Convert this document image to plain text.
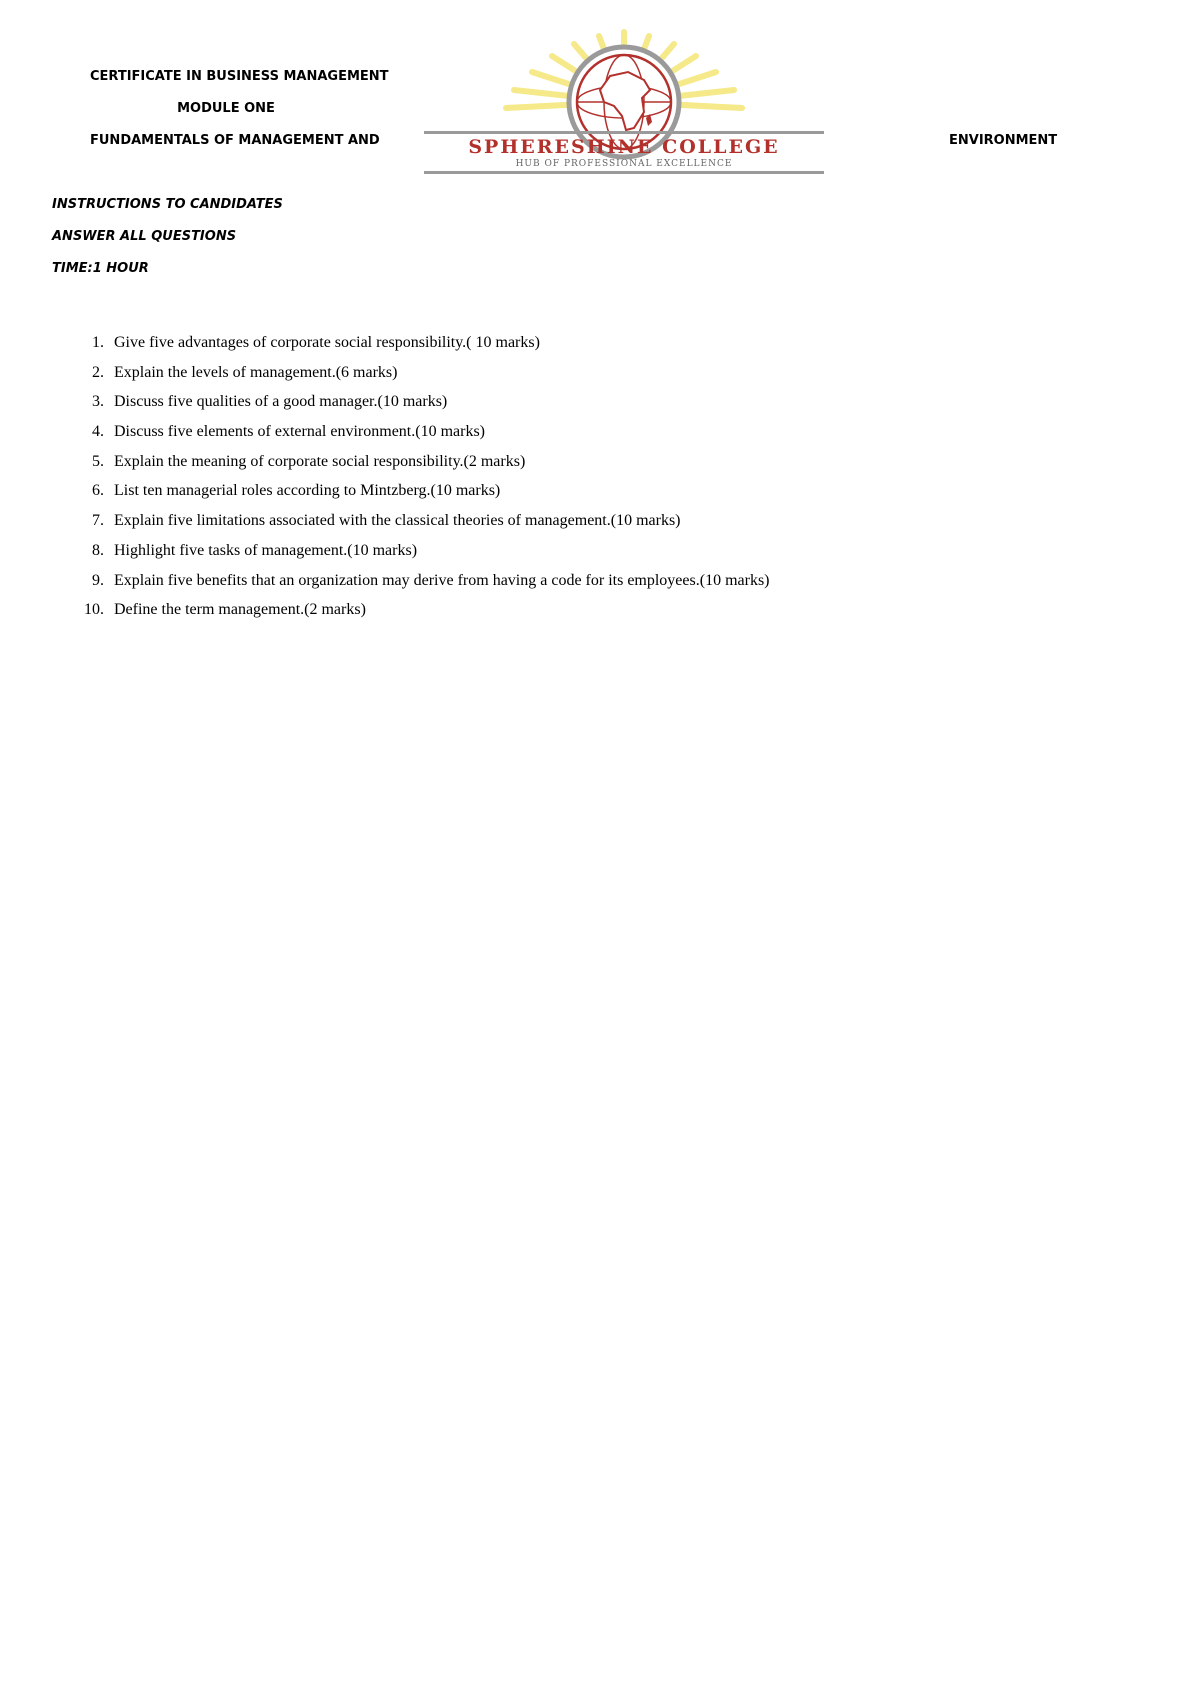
CERTIFICATE IN BUSINESS MANAGEMENT
MODULE ONE
FUNDAMENTALS OF MANAGEMENT AND	ENVIRONMENT
SPHERESHINE COLLEGE
HUB OF PROFESSIONAL EXCELLENCE
INSTRUCTIONS TO CANDIDATES
ANSWER ALL QUESTIONS
TIME:1 HOUR
1. Give five advantages of corporate social responsibility.( 10 marks)
2. Explain the levels of management.(6 marks)
3. Discuss five qualities of a good manager.(10 marks)
4. Discuss five elements of external environment.(10 marks)
5. Explain the meaning of corporate social responsibility.(2 marks)
6. List ten managerial roles according to Mintzberg.(10 marks)
7. Explain five limitations associated with the classical theories of management.(10 marks)
8. Highlight five tasks of management.(10 marks)
9. Explain five benefits that an organization may derive from having a code for its employees.(10 marks)
10. Define the term management.(2 marks)
